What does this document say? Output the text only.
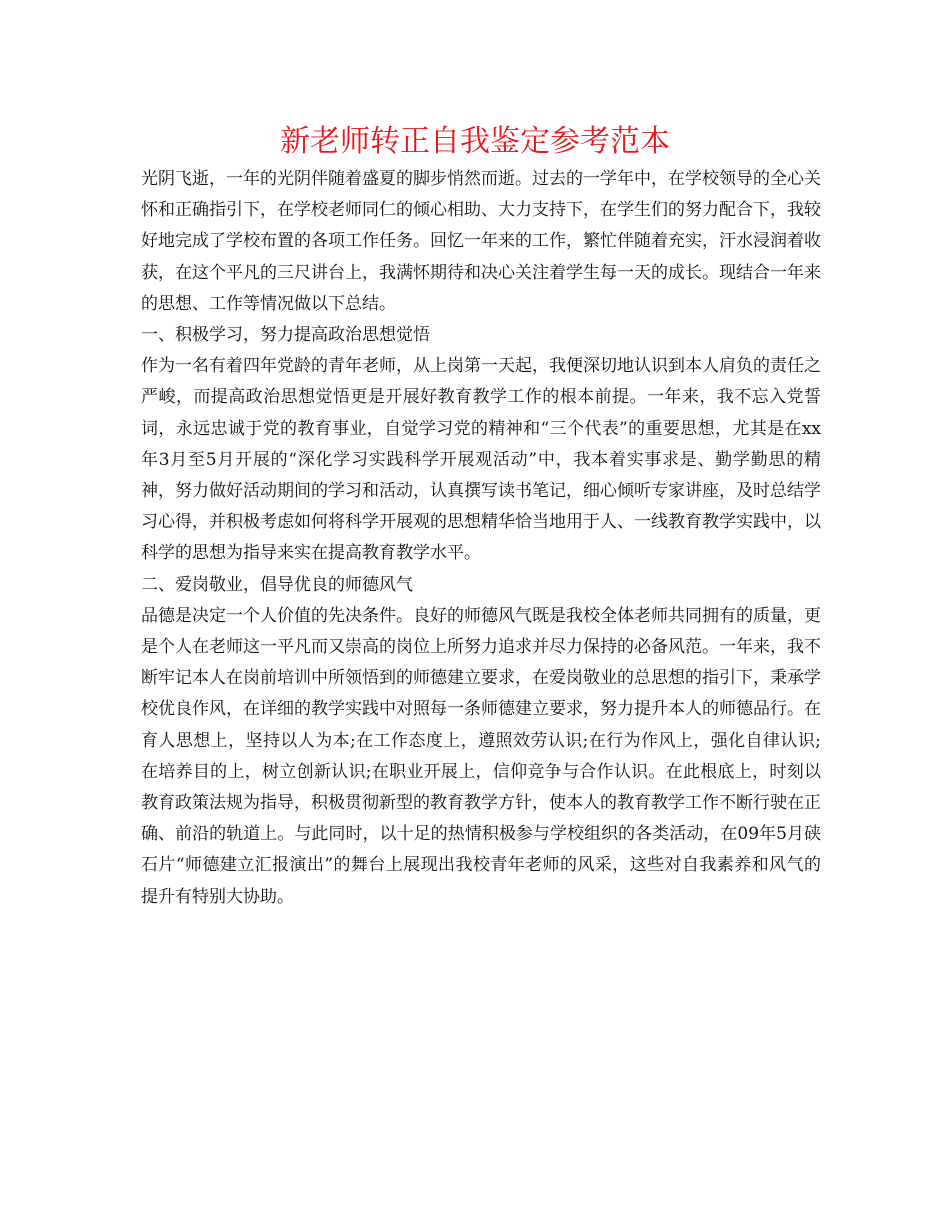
新老师转正自我鉴定参考范本

光阴飞逝，一年的光阴伴随着盛夏的脚步悄然而逝。过去的一学年中，在学校领导的全心关怀和正确指引下，在学校老师同仁的倾心相助、大力支持下，在学生们的努力配合下，我较好地完成了学校布置的各项工作任务。回忆一年来的工作，繁忙伴随着充实，汗水浸润着收获，在这个平凡的三尺讲台上，我满怀期待和决心关注着学生每一天的成长。现结合一年来的思想、工作等情况做以下总结。

一、积极学习，努力提高政治思想觉悟

作为一名有着四年党龄的青年老师，从上岗第一天起，我便深切地认识到本人肩负的责任之严峻，而提高政治思想觉悟更是开展好教育教学工作的根本前提。一年来，我不忘入党誓词，永远忠诚于党的教育事业，自觉学习党的精神和“三个代表”的重要思想，尤其是在xx年3月至5月开展的“深化学习实践科学开展观活动”中，我本着实事求是、勤学勤思的精神，努力做好活动期间的学习和活动，认真撰写读书笔记，细心倾听专家讲座，及时总结学习心得，并积极考虑如何将科学开展观的思想精华恰当地用于人、一线教育教学实践中，以科学的思想为指导来实在提高教育教学水平。

二、爱岗敬业，倡导优良的师德风气

品德是决定一个人价值的先决条件。良好的师德风气既是我校全体老师共同拥有的质量，更是个人在老师这一平凡而又崇高的岗位上所努力追求并尽力保持的必备风范。一年来，我不断牢记本人在岗前培训中所领悟到的师德建立要求，在爱岗敬业的总思想的指引下，秉承学校优良作风，在详细的教学实践中对照每一条师德建立要求，努力提升本人的师德品行。在育人思想上，坚持以人为本;在工作态度上，遵照效劳认识;在行为作风上，强化自律认识;在培养目的上，树立创新认识;在职业开展上，信仰竞争与合作认识。在此根底上，时刻以教育政策法规为指导，积极贯彻新型的教育教学方针，使本人的教育教学工作不断行驶在正确、前沿的轨道上。与此同时，以十足的热情积极参与学校组织的各类活动，在09年5月硖石片“师德建立汇报演出”的舞台上展现出我校青年老师的风采，这些对自我素养和风气的提升有特别大协助。
